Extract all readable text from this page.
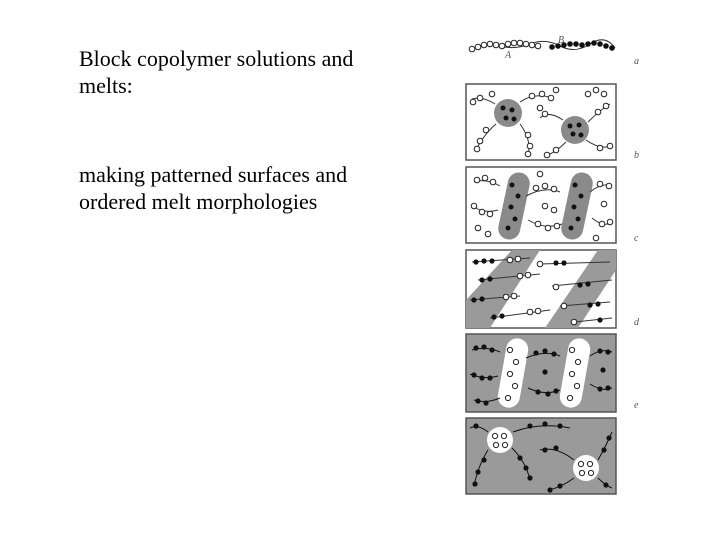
Block copolymer solutions and melts:
making patterned surfaces and ordered melt morphologies
A
B
a
b
c
d
e
